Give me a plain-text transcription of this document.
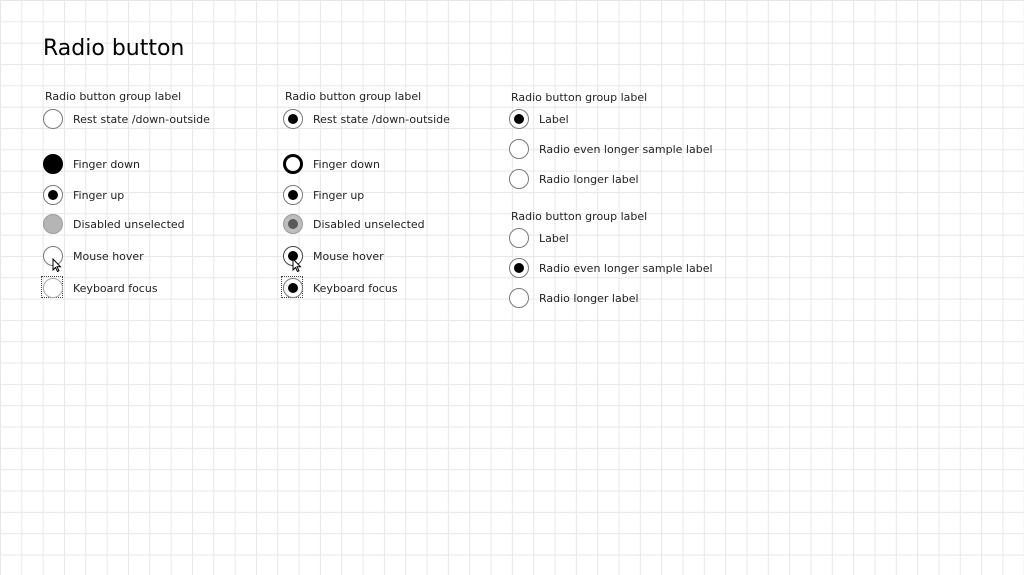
Radio button
Radio button group label
Rest state /down-outside
Finger down
Finger up
Disabled unselected
Mouse hover
Keyboard focus
Radio button group label
Rest state /down-outside
Finger down
Finger up
Disabled unselected
Mouse hover
Keyboard focus
Radio button group label
Label
Radio even longer sample label
Radio longer label
Radio button group label
Label
Radio even longer sample label
Radio longer label
